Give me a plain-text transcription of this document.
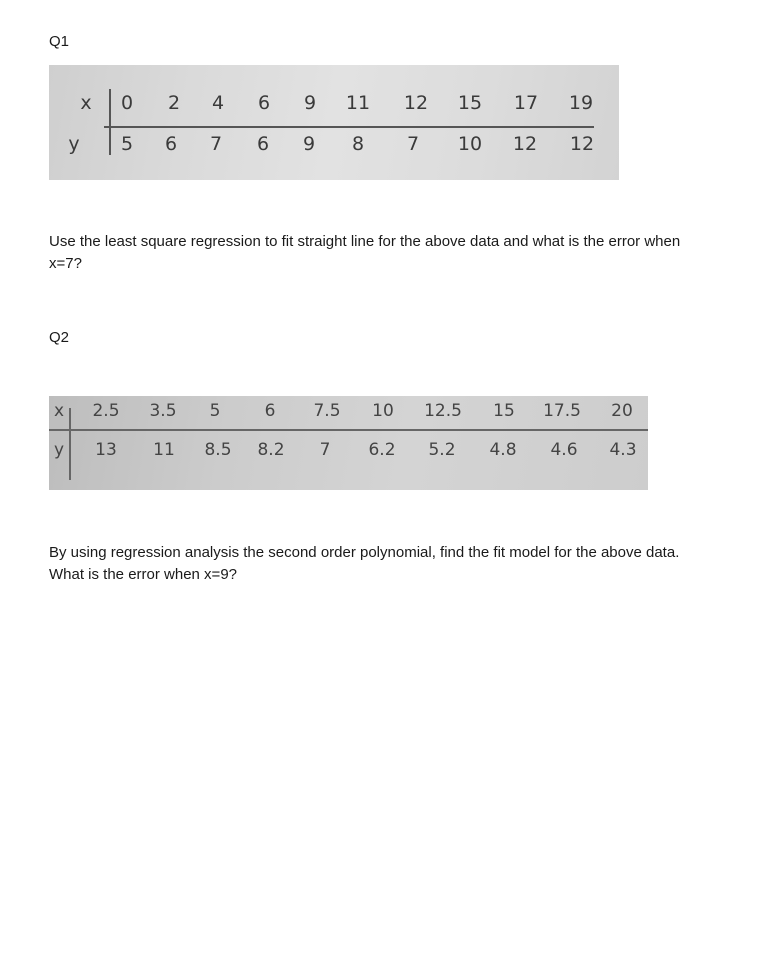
Q1
x 0 2 4 6 9 11 12 15 17 19
y 5 6 7 6 9 8 7 10 12 12
Use the least square regression to fit straight line for the above data and what is the error when
x=7?
Q2
x 2.5 3.5 5	6 7.5 10 12.5 15 17.5 20
y 13 11 8.5 8.2 7 6.2 5.2 4.8 4.6 4.3
By using regression analysis the second order polynomial, find the fit model for the above data.
What is the error when x=9?
